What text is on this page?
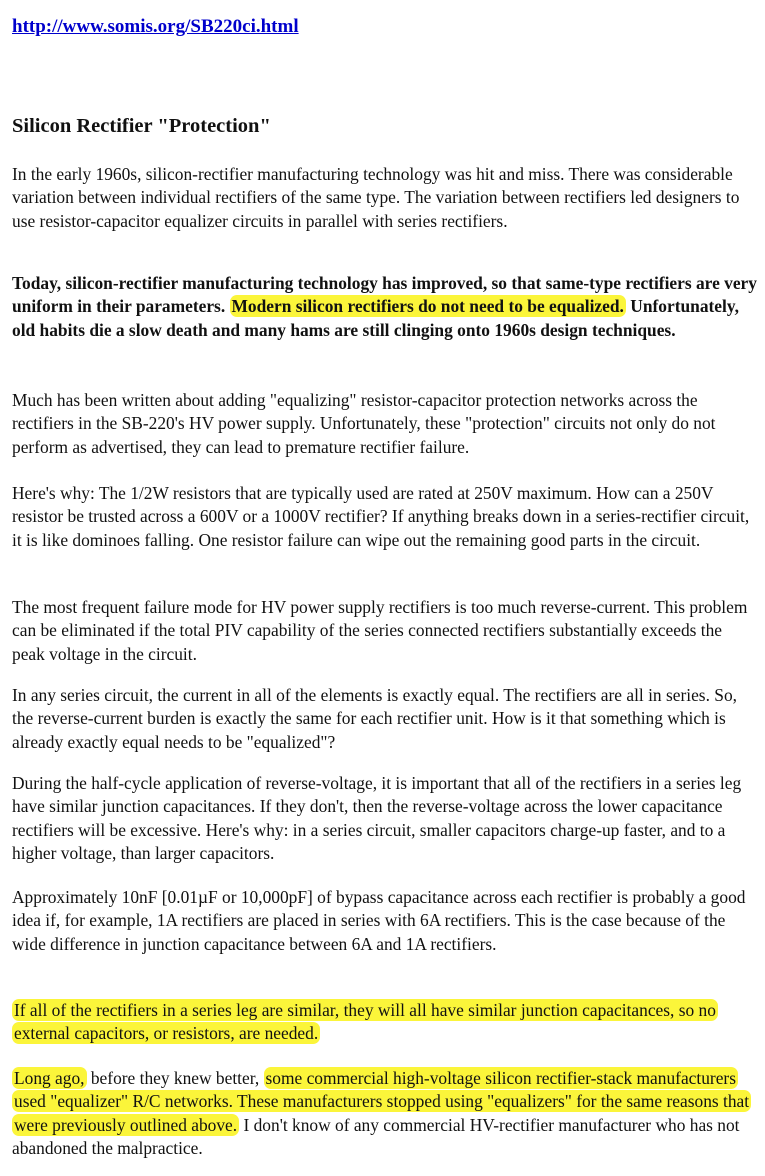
http://www.somis.org/SB220ci.html
Silicon Rectifier "Protection"

In the early 1960s, silicon-rectifier manufacturing technology was hit and miss. There was considerable variation between individual rectifiers of the same type. The variation between rectifiers led designers to use resistor-capacitor equalizer circuits in parallel with series rectifiers.

Today, silicon-rectifier manufacturing technology has improved, so that same-type rectifiers are very uniform in their parameters. Modern silicon rectifiers do not need to be equalized. Unfortunately, old habits die a slow death and many hams are still clinging onto 1960s design techniques.

Much has been written about adding "equalizing" resistor-capacitor protection networks across the rectifiers in the SB-220's HV power supply. Unfortunately, these "protection" circuits not only do not perform as advertised, they can lead to premature rectifier failure.

Here's why: The 1/2W resistors that are typically used are rated at 250V maximum. How can a 250V resistor be trusted across a 600V or a 1000V rectifier? If anything breaks down in a series-rectifier circuit, it is like dominoes falling. One resistor failure can wipe out the remaining good parts in the circuit.

The most frequent failure mode for HV power supply rectifiers is too much reverse-current. This problem can be eliminated if the total PIV capability of the series connected rectifiers substantially exceeds the peak voltage in the circuit.

In any series circuit, the current in all of the elements is exactly equal. The rectifiers are all in series. So, the reverse-current burden is exactly the same for each rectifier unit. How is it that something which is already exactly equal needs to be "equalized"?

During the half-cycle application of reverse-voltage, it is important that all of the rectifiers in a series leg have similar junction capacitances. If they don't, then the reverse-voltage across the lower capacitance rectifiers will be excessive. Here's why: in a series circuit, smaller capacitors charge-up faster, and to a higher voltage, than larger capacitors.

Approximately 10nF [0.01µF or 10,000pF] of bypass capacitance across each rectifier is probably a good idea if, for example, 1A rectifiers are placed in series with 6A rectifiers. This is the case because of the wide difference in junction capacitance between 6A and 1A rectifiers.

If all of the rectifiers in a series leg are similar, they will all have similar junction capacitances, so no external capacitors, or resistors, are needed.

Long ago, before they knew better, some commercial high-voltage silicon rectifier-stack manufacturers used "equalizer" R/C networks. These manufacturers stopped using "equalizers" for the same reasons that were previously outlined above. I don't know of any commercial HV-rectifier manufacturer who has not abandoned the malpractice.
